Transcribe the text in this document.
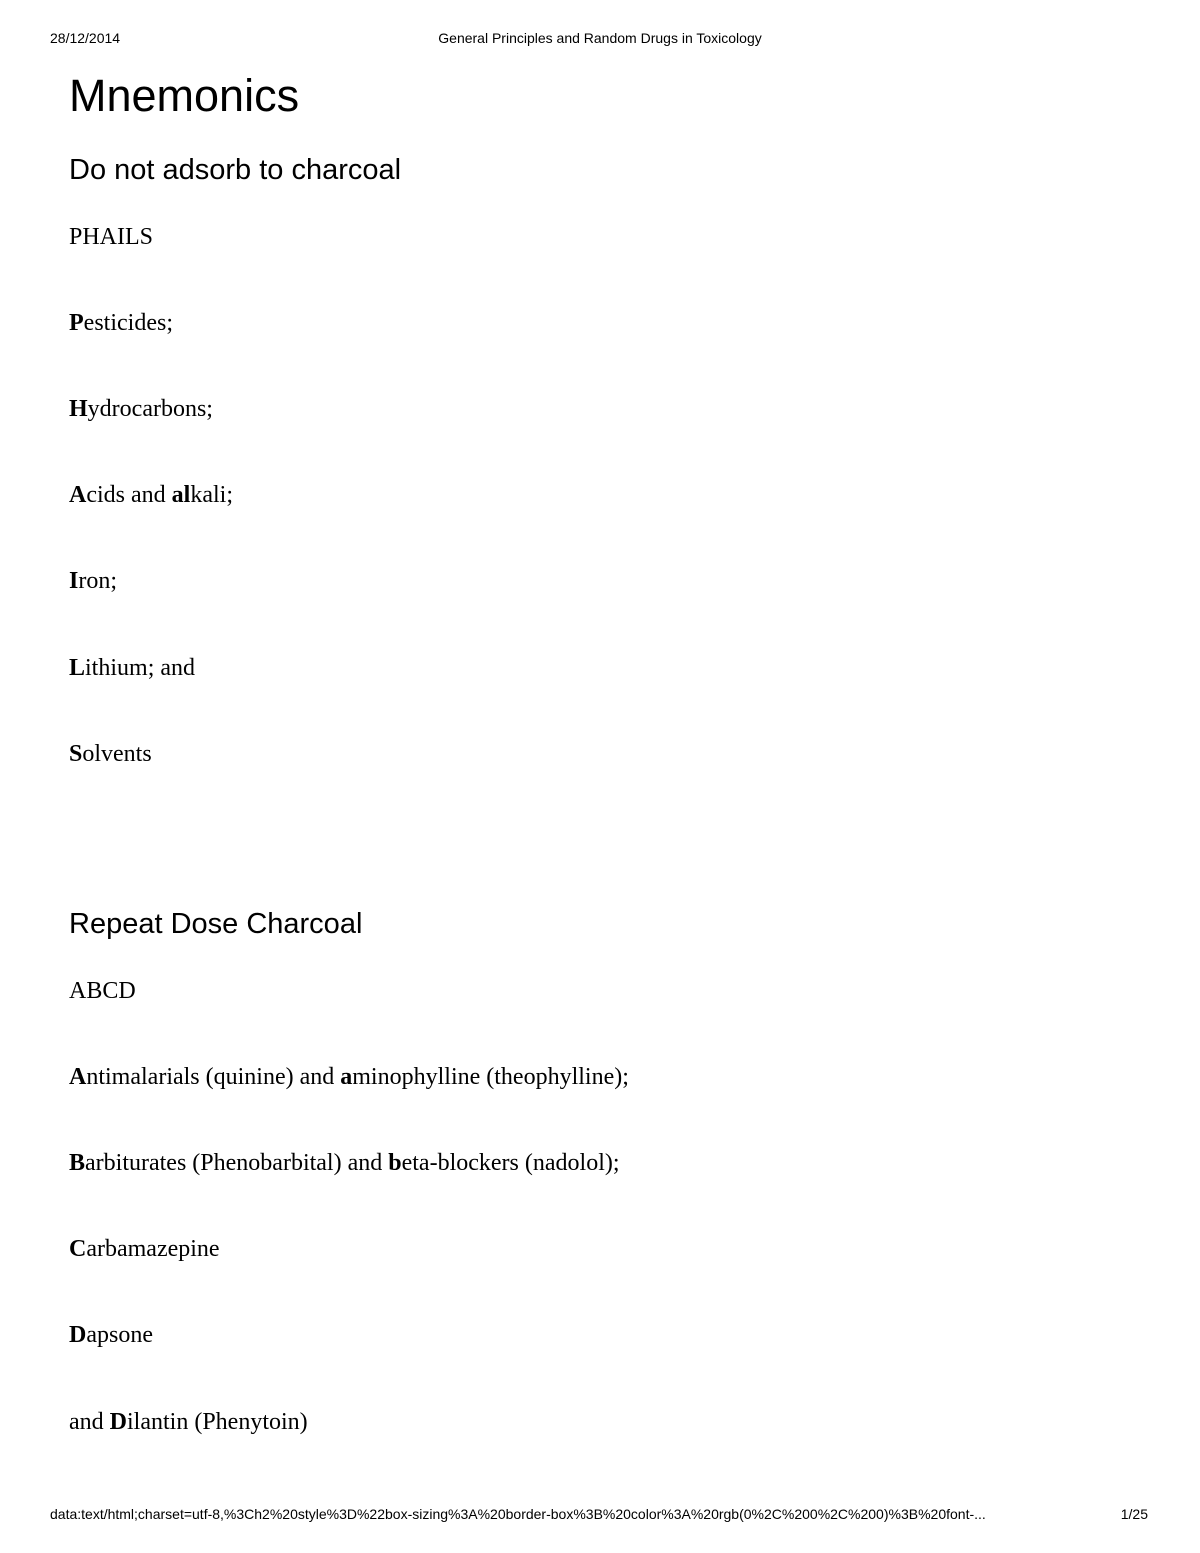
28/12/2014	General Principles and Random Drugs in Toxicology
Mnemonics
Do not adsorb to charcoal

PHAILS

Pesticides;

Hydrocarbons;

Acids and alkali;

Iron;

Lithium; and

Solvents

Repeat Dose Charcoal

ABCD

Antimalarials (quinine) and aminophylline (theophylline);

Barbiturates (Phenobarbital) and beta-blockers (nadolol);

Carbamazepine

Dapsone

and Dilantin (Phenytoin)

data:text/html;charset=utf-8,%3Ch2%20style%3D%22box-sizing%3A%20border-box%3B%20color%3A%20rgb(0%2C%200%2C%200)%3B%20font-...	1/25
